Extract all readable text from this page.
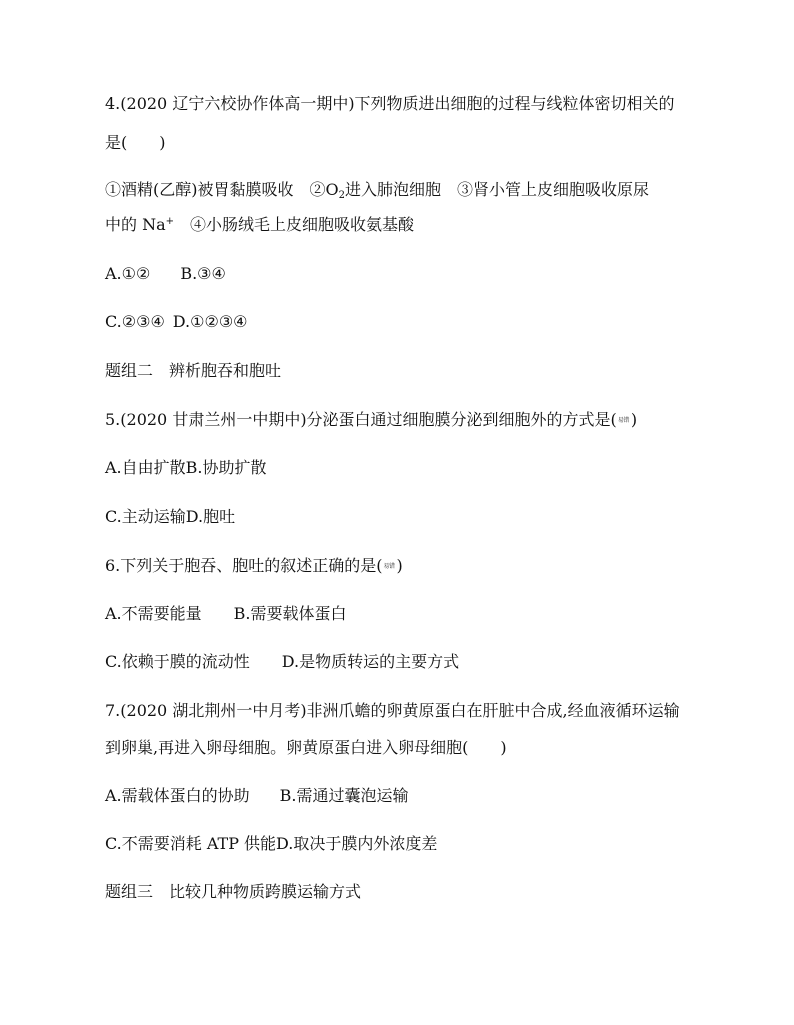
4.(2020 辽宁六校协作体高一期中)下列物质进出细胞的过程与线粒体密切相关的
是(　　)
①酒精(乙醇)被胃黏膜吸收　$②O_2$进入肺泡细胞　③肾小管上皮细胞吸收原尿
中的 Na+　④小肠绒毛上皮细胞吸收氨基酸
A.①② B.③④
C.②③④ D.①②③④
题组二　辨析胞吞和胞吐
5.(2020 甘肃兰州一中期中)分泌蛋白通过细胞膜分泌到细胞外的方式是(易错 )
A.自由扩散B.协助扩散
C.主动运输D.胞吐
6.下列关于胞吞、胞吐的叙述正确的是(易错 )
A.不需要能量 B.需要载体蛋白
C.依赖于膜的流动性 D.是物质转运的主要方式
7.(2020 湖北荆州一中月考)非洲爪蟾的卵黄原蛋白在肝脏中合成,经血液循环运输
到卵巢,再进入卵母细胞。卵黄原蛋白进入卵母细胞(　　)
A.需载体蛋白的协助 B.需通过囊泡运输
C.不需要消耗 ATP 供能D.取决于膜内外浓度差
题组三　比较几种物质跨膜运输方式
